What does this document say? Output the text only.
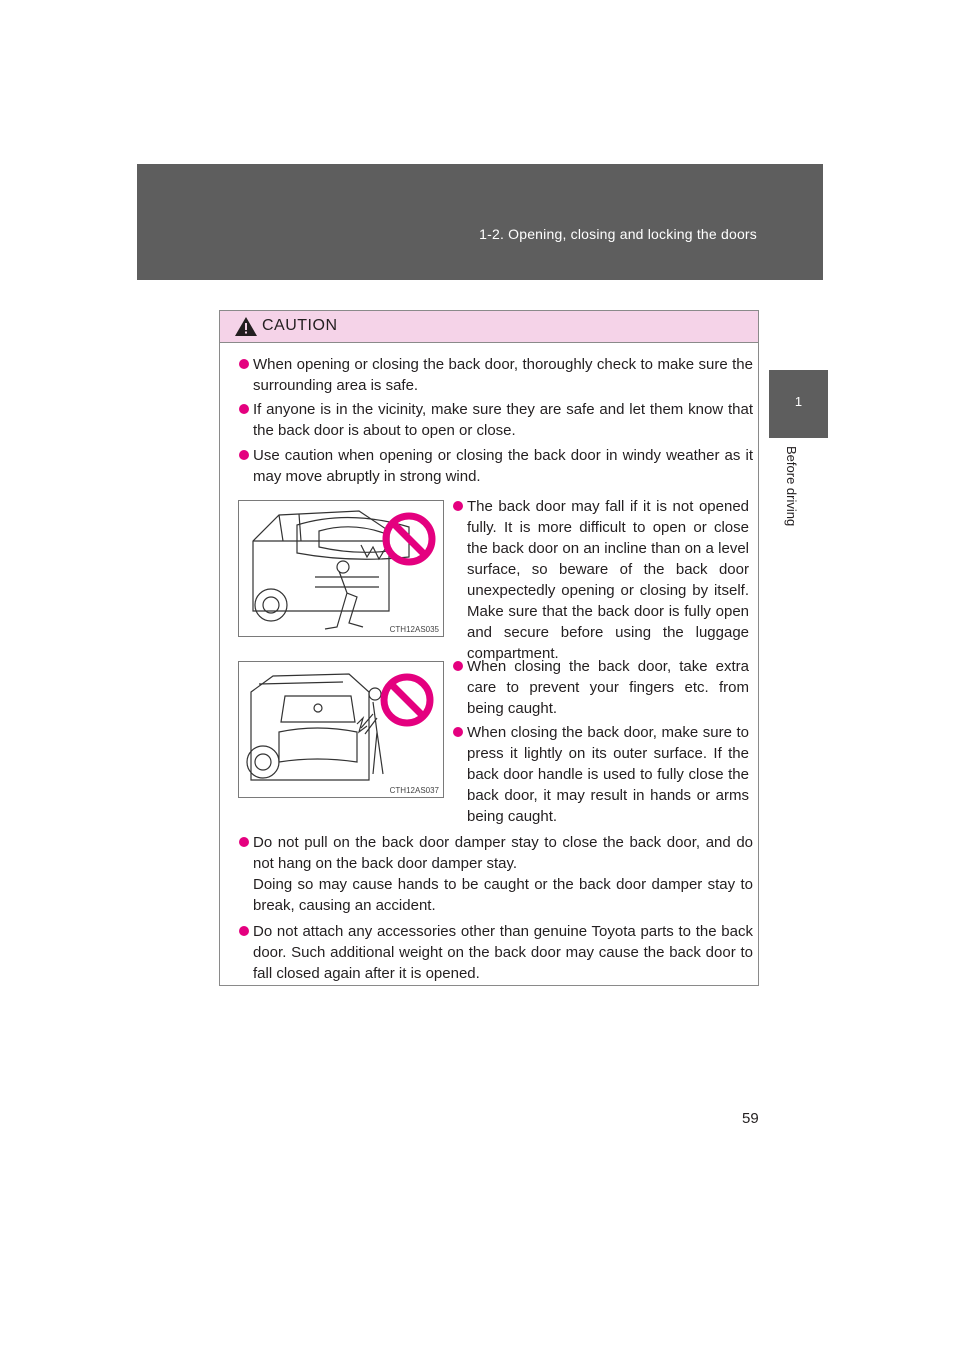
1-2. Opening, closing and locking the doors
1
Before driving
CAUTION
When opening or closing the back door, thoroughly check to make sure the surrounding area is safe.
If anyone is in the vicinity, make sure they are safe and let them know that the back door is about to open or close.
Use caution when opening or closing the back door in windy weather as it may move abruptly in strong wind.
CTH12AS035
CTH12AS037
The back door may fall if it is not opened fully. It is more difficult to open or close the back door on an incline than on a level surface, so beware of the back door unexpectedly opening or closing by itself. Make sure that the back door is fully open and secure before using the luggage compartment.
When closing the back door, take extra care to prevent your fingers etc. from being caught.
When closing the back door, make sure to press it lightly on its outer surface. If the back door handle is used to fully close the back door, it may result in hands or arms being caught.
Do not pull on the back door damper stay to close the back door, and do not hang on the back door damper stay.
Doing so may cause hands to be caught or the back door damper stay to break, causing an accident.
Do not attach any accessories other than genuine Toyota parts to the back door. Such additional weight on the back door may cause the back door to fall closed again after it is opened.
59
